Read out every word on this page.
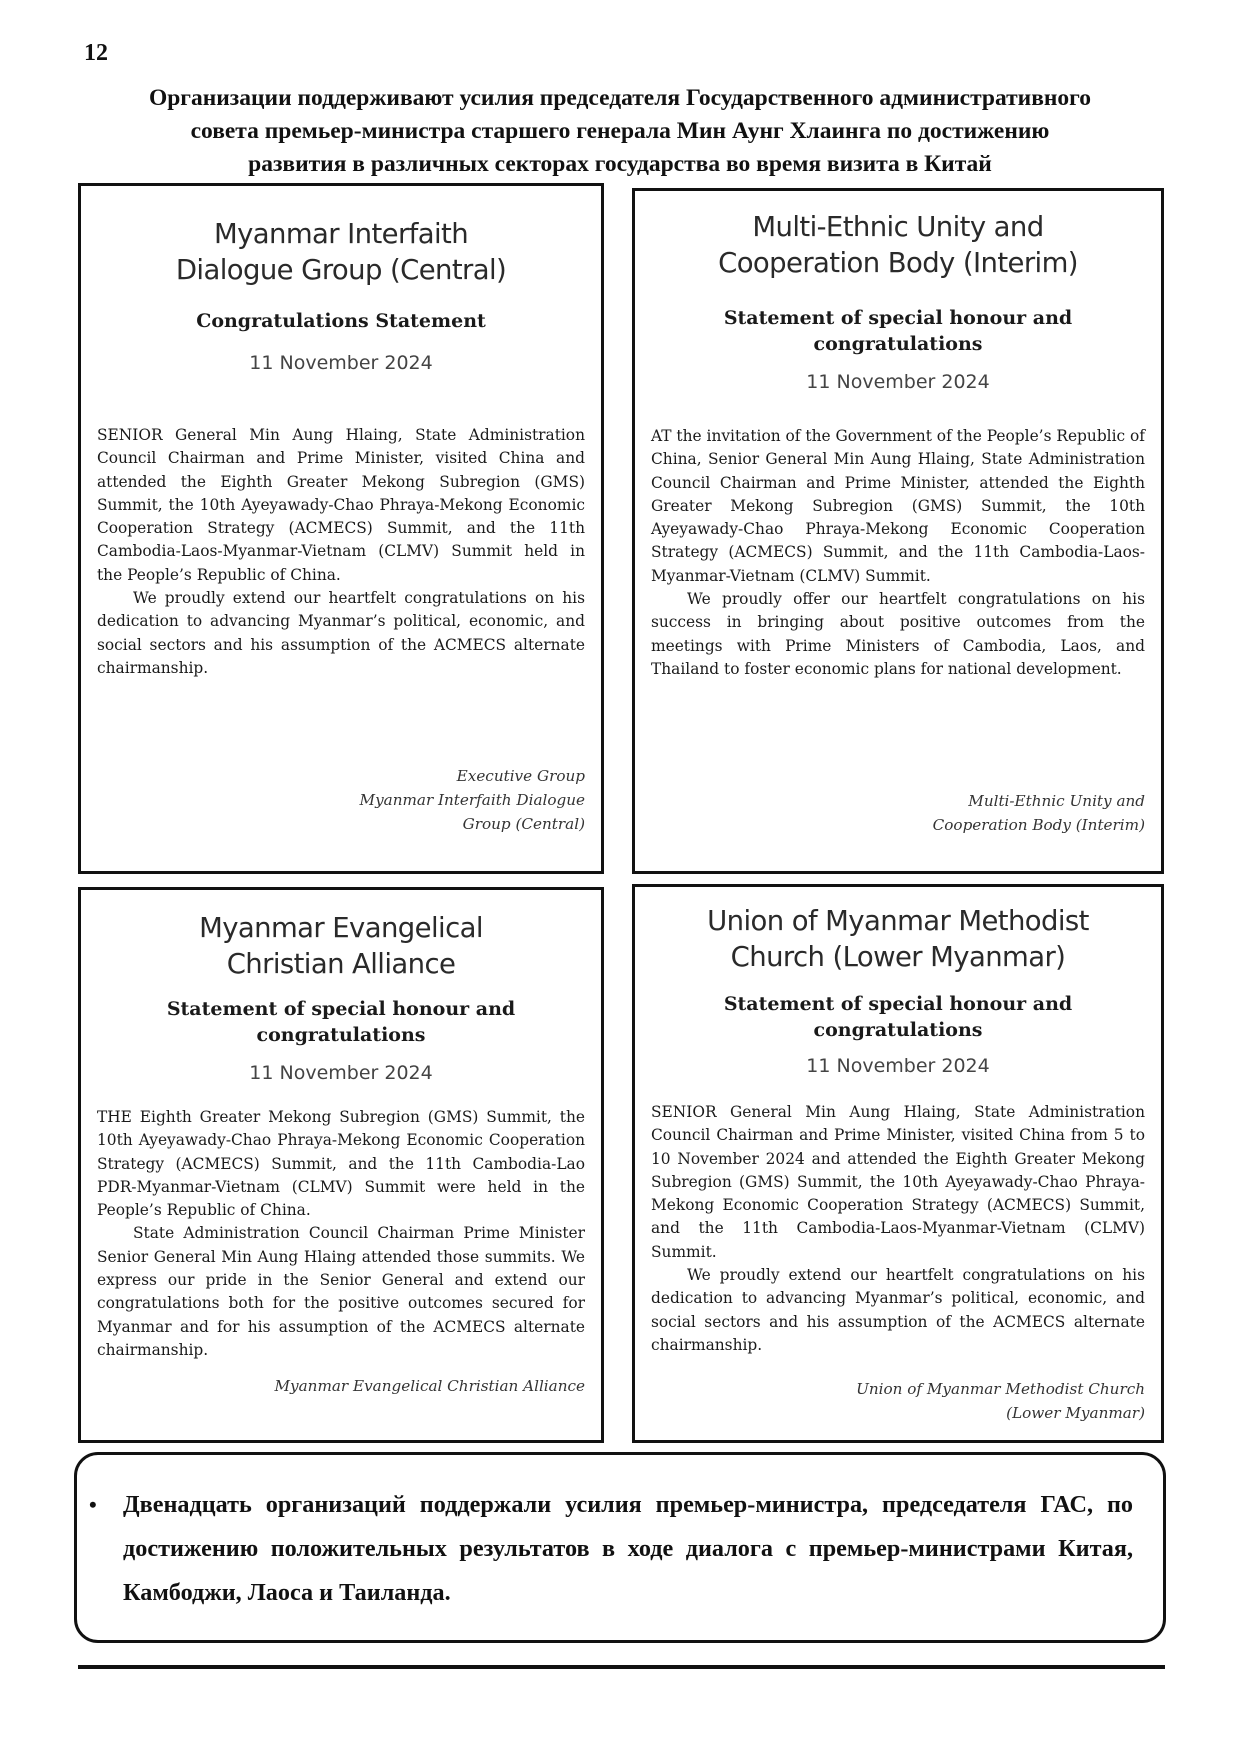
12
Организации поддерживают усилия председателя Государственного административного
совета премьер-министра старшего генерала Мин Аунг Хлаинга по достижению
развития в различных секторах государства во время визита в Китай
Myanmar Interfaith Dialogue Group (Central)
Congratulations Statement
11 November 2024

SENIOR General Min Aung Hlaing, State Administration Council Chairman and Prime Minister, visited China and attended the Eighth Greater Mekong Subregion (GMS) Summit, the 10th Ayeyawady-Chao Phraya-Mekong Economic Cooperation Strategy (ACMECS) Summit, and the 11th Cambodia-Laos-Myanmar-Vietnam (CLMV) Summit held in the People’s Republic of China.

We proudly extend our heartfelt congratulations on his dedication to advancing Myanmar’s political, economic, and social sectors and his assumption of the ACMECS alternate chairmanship.

Executive Group
Myanmar Interfaith Dialogue
Group (Central)
Multi-Ethnic Unity and Cooperation Body (Interim)
Statement of special honour and congratulations
11 November 2024

AT the invitation of the Government of the People’s Republic of China, Senior General Min Aung Hlaing, State Administration Council Chairman and Prime Minister, attended the Eighth Greater Mekong Subregion (GMS) Summit, the 10th Ayeyawady-Chao Phraya-Mekong Economic Cooperation Strategy (ACMECS) Summit, and the 11th Cambodia-Laos-Myanmar-Vietnam (CLMV) Summit.

We proudly offer our heartfelt congratulations on his success in bringing about positive outcomes from the meetings with Prime Ministers of Cambodia, Laos, and Thailand to foster economic plans for national development.

Multi-Ethnic Unity and
Cooperation Body (Interim)
Myanmar Evangelical Christian Alliance
Statement of special honour and congratulations
11 November 2024

THE Eighth Greater Mekong Subregion (GMS) Summit, the 10th Ayeyawady-Chao Phraya-Mekong Economic Cooperation Strategy (ACMECS) Summit, and the 11th Cambodia-Lao PDR-Myanmar-Vietnam (CLMV) Summit were held in the People’s Republic of China.

State Administration Council Chairman Prime Minister Senior General Min Aung Hlaing attended those summits. We express our pride in the Senior General and extend our congratulations both for the positive outcomes secured for Myanmar and for his assumption of the ACMECS alternate chairmanship.

Myanmar Evangelical Christian Alliance
Union of Myanmar Methodist Church (Lower Myanmar)
Statement of special honour and congratulations
11 November 2024

SENIOR General Min Aung Hlaing, State Administration Council Chairman and Prime Minister, visited China from 5 to 10 November 2024 and attended the Eighth Greater Mekong Subregion (GMS) Summit, the 10th Ayeyawady-Chao Phraya-Mekong Economic Cooperation Strategy (ACMECS) Summit, and the 11th Cambodia-Laos-Myanmar-Vietnam (CLMV) Summit.

We proudly extend our heartfelt congratulations on his dedication to advancing Myanmar’s political, economic, and social sectors and his assumption of the ACMECS alternate chairmanship.

Union of Myanmar Methodist Church
(Lower Myanmar)
• Двенадцать организаций поддержали усилия премьер-министра, председателя ГАС, по достижению положительных результатов в ходе диалога с премьер-министрами Китая, Камбоджи, Лаоса и Таиланда.
